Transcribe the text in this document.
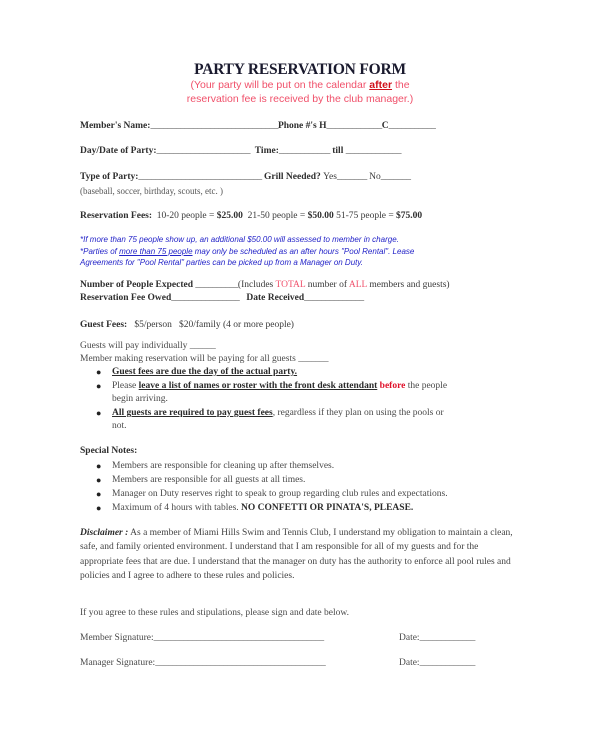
PARTY RESERVATION FORM
(Your party will be put on the calendar after the
reservation fee is received by the club manager.)
Member's Name:______________________________Phone #'s H_____________C___________
Day/Date of Party:______________________ Time:____________ till _____________
Type of Party:_____________________________ Grill Needed? Yes_______ No_______
(baseball, soccer, birthday, scouts, etc. )
Reservation Fees: 10-20 people = $25.00 21-50 people = $50.00 51-75 people = $75.00
*If more than 75 people show up, an additional $50.00 will assessed to member in charge.
*Parties of more than 75 people may only be scheduled as an after hours "Pool Rental". Lease
Agreements for "Pool Rental" parties can be picked up from a Manager on Duty.
Number of People Expected __________(Includes TOTAL number of ALL members and guests)
Reservation Fee Owed________________ Date Received______________
Guest Fees: $5/person $20/family (4 or more people)
Guests will pay individually ______
Member making reservation will be paying for all guests _______
● Guest fees are due the day of the actual party.
● Please leave a list of names or roster with the front desk attendant before the people
begin arriving.
● All guests are required to pay guest fees, regardless if they plan on using the pools or
not.
Special Notes:
● Members are responsible for cleaning up after themselves.
● Members are responsible for all guests at all times.
● Manager on Duty reserves right to speak to group regarding club rules and expectations.
● Maximum of 4 hours with tables. NO CONFETTI OR PINATA'S, PLEASE.
Disclaimer : As a member of Miami Hills Swim and Tennis Club, I understand my obligation to maintain a clean, safe, and family oriented environment. I understand that I am responsible for all of my guests and for the appropriate fees that are due. I understand that the manager on duty has the authority to enforce all pool rules and policies and I agree to adhere to these rules and policies.
If you agree to these rules and stipulations, please sign and date below.
Member Signature:________________________________________	Date:_____________
Manager Signature:________________________________________	Date:_____________
